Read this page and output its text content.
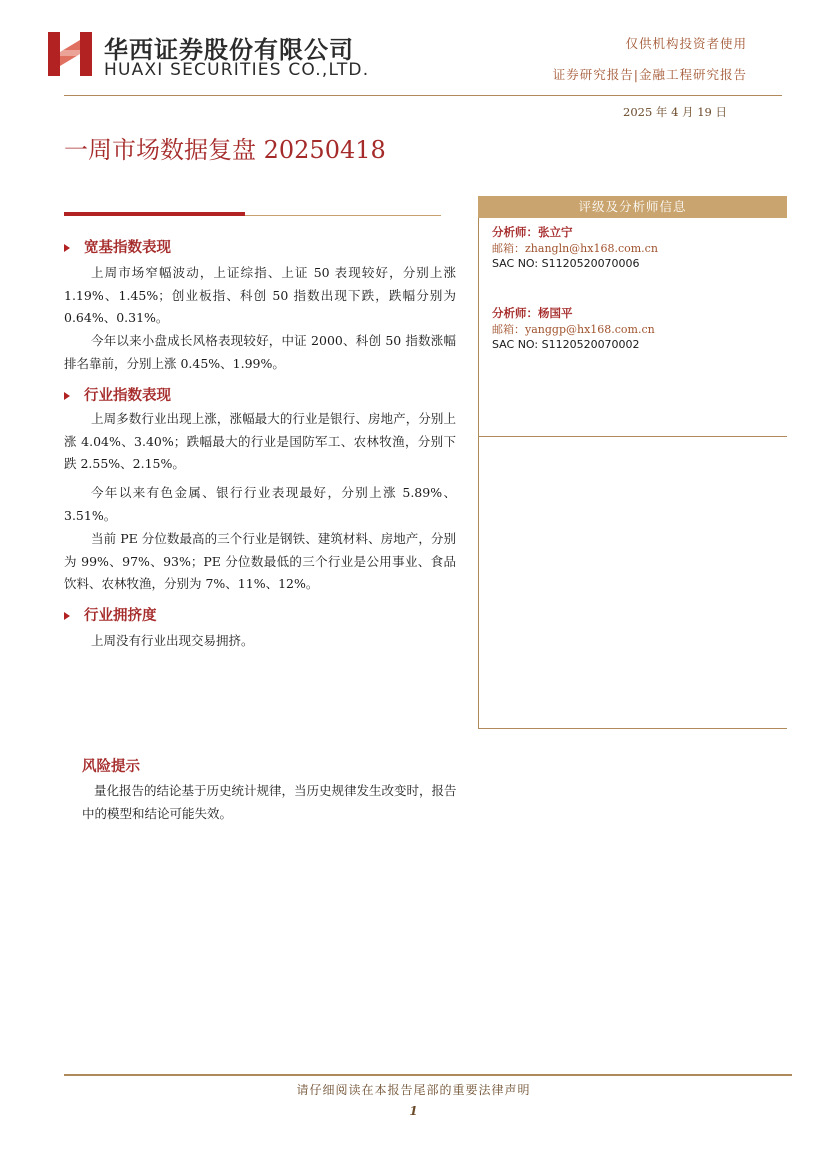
华西证券股份有限公司
HUAXI SECURITIES CO.,LTD.
仅供机构投资者使用
证券研究报告|金融工程研究报告
2025 年 4 月 19 日
一周市场数据复盘 20250418
宽基指数表现
上周市场窄幅波动，上证综指、上证 50 表现较好，分别上涨 1.19%、1.45%；创业板指、科创 50 指数出现下跌，跌幅分别为 0.64%、0.31%。
今年以来小盘成长风格表现较好，中证 2000、科创 50 指数涨幅排名靠前，分别上涨 0.45%、1.99%。
行业指数表现
上周多数行业出现上涨，涨幅最大的行业是银行、房地产，分别上涨 4.04%、3.40%；跌幅最大的行业是国防军工、农林牧渔，分别下跌 2.55%、2.15%。
今年以来有色金属、银行行业表现最好，分别上涨 5.89%、3.51%。
当前 PE 分位数最高的三个行业是钢铁、建筑材料、房地产，分别为 99%、97%、93%；PE 分位数最低的三个行业是公用事业、食品饮料、农林牧渔，分别为 7%、11%、12%。
行业拥挤度
上周没有行业出现交易拥挤。
评级及分析师信息
分析师：张立宁
邮箱：zhangln@hx168.com.cn
SAC NO: S1120520070006
分析师：杨国平
邮箱：yanggp@hx168.com.cn
SAC NO: S1120520070002
风险提示
量化报告的结论基于历史统计规律，当历史规律发生改变时，报告中的模型和结论可能失效。
请仔细阅读在本报告尾部的重要法律声明
1
